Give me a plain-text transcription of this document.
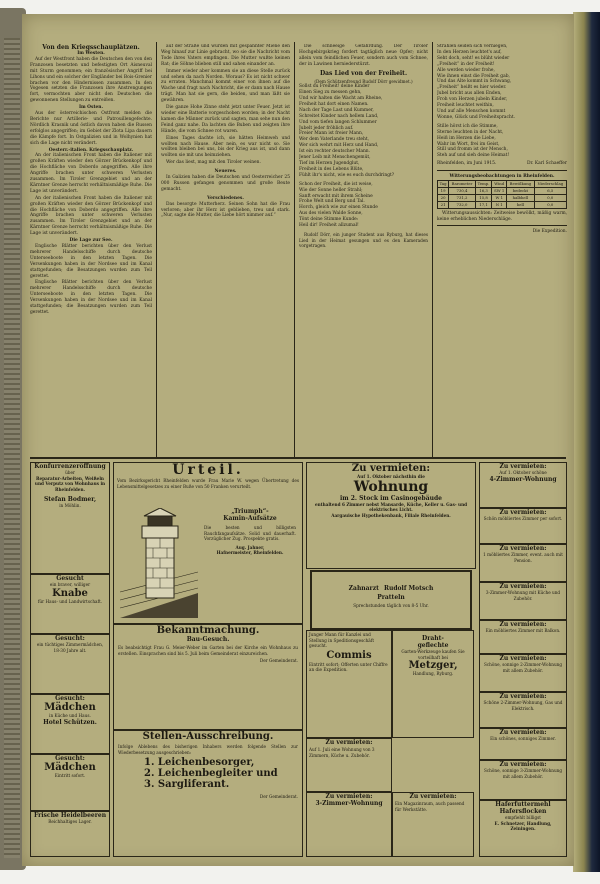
Von den Kriegsschauplätzen.
Im Westen.

Auf der Westfront haben die Deutschen den von den Franzosen besetzten und befestigten Ort Aisneuval mit Sturm genommen; ein französischer Angriff bei Lihons und ein solcher der Engländer bei Bois-Grenier brachen vor den Hindernissen zusammen. In den Vogesen setzten die Franzosen ihre Anstrengungen fort, vermochten aber nicht den Deutschen die gewonnenen Stellungen zu entreißen.

Im Osten.

Aus der österreichischen Ostfront melden die Berichte nur Artillerie- und Patrouillengefechte. Nördlich Krasnik und östlich davon haben die Russen erfolglos angegriffen; im Gebiet der Zlota Lipa dauern die Kämpfe fort. In Ostgalizien und in Wolhynien hat sich die Lage nicht verändert.

Oesterr.-italien. Kriegsschauplatz.

An der italienischen Front haben die Italiener mit großen Kräften wieder den Görzer Brückenkopf und die Hochfläche von Doberdo angegriffen. Alle ihre Angriffe brachen unter schweren Verlusten zusammen. Im Tiroler Grenzgebiet und an der Kärntner Grenze herrscht verhältnismäßige Ruhe. Die Lage ist unverändert.

An der italienischen Front haben die Italiener mit großen Kräften wieder den Görzer Brückenkopf und die Hochfläche von Doberdo angegriffen. Alle ihre Angriffe brachen unter schweren Verlusten zusammen. Im Tiroler Grenzgebiet und an der Kärntner Grenze herrscht verhältnismäßige Ruhe. Die Lage ist unverändert.

Die Lage zur See.

Englische Blätter berichten über den Verlust mehrerer Handelsschiffe durch deutsche Unterseeboote in den letzten Tagen. Die Versenkungen haben in der Nordsee und im Kanal stattgefunden; die Besatzungen wurden zum Teil gerettet.

Englische Blätter berichten über den Verlust mehrerer Handelsschiffe durch deutsche Unterseeboote in den letzten Tagen. Die Versenkungen haben in der Nordsee und im Kanal stattgefunden; die Besatzungen wurden zum Teil gerettet.

auf der Straße und wurden mit gespannter Miene den Weg hinauf zur Linie gebracht, wo sie die Nachricht vom Tode ihres Vaters empfingen. Die Mutter wußte keinen Rat; die Söhne blieben still und sahen einander an.

Immer wieder aber kommen sie an diese Stelle zurück und sehen da nach Norden. Woraus? Es ist nicht schwer zu erraten. Manchmal kommt einer von ihnen auf die Wache und fragt nach Nachricht, die er dann nach Hause trägt. Man hat sie gern, die beiden, und man läßt sie gewähren.

Die ganze Hohe Zinne steht jetzt unter Feuer. Jetzt ist wieder eine Batterie vorgeschoben worden; in der Nacht kamen die Männer zurück und sagten, man sehe nun den Feind ganz nahe. Da lachten die Buben und zeigten ihre Hände, die vom Schnee rot waren.

Eines Tages dachte ich, sie hätten Heimweh und wollten nach Hause. Aber nein, es war nicht so. Sie wollten bleiben bei uns, bis der Krieg aus ist, und dann wollten sie mit uns heimziehen.

Wer das liest, mag mit den Tiroler weinen.

Neueres.

In Galizien haben die Deutschen und Oesterreicher 25 000 Russen gefangen genommen und große Beute gemacht.

Verschiedenes.

Das besorgte Mutterherz. Seinen Sohn hat die Frau verloren; aber ihr Herz ist geblieben, treu und stark. „Nur, sagte die Mutter, die Liebe hört nimmer auf.“

Die schneeige Gefährdung. Der Tiroler Hochgebirgskrieg fordert tagtäglich neue Opfer; nicht allein vom feindlichen Feuer, sondern auch vom Schnee, der in Lawinen herniederstürzt.

Das Lied von der Freiheit.
(Dem Schützenfreund Rudolf Dörr gewidmet.)
Sollst du Freiheit! deine Kinder
Einen Sieg zu messen gehn,
Und wir halten die Wacht am Rheine,
Freiheit hat dort einen Namen.
Nach der Tage Last und Kummer,
Schreitet Kinder nach hellem Land,
Und vom tiefen langen Schlummer
Jubelt jeder fröhlich auf.
Freier Mann ist freier Mann,
Wer dem Vaterlande treu steht,
Wer sich wehrt mit Herz und Hand,
Ist ein rechter deutscher Mann.
Jener Leib mit Menschengemüt,
Tief im Herzen Jugendglut,
Freiheit in des Lebens Blüte,
Fühlt ihr's nicht, wie es euch durchdringt?
Schon der Freiheit, die ist weise,
Wie der Sonne heller Strahl;
Sanft erwacht mit ihrem Scheine
Frohe Welt und Berg und Tal.
Horch, gleich wie zur einen Stunde
Aus des vielen Walde Sonne,
Tönt deine Stimme Kunde:
Heil dir! Freiheit allzumal!

Rudolf Dörr, ein junger Student aus Ryburg, hat dieses Lied in der Heimat gesungen und es den Kameraden vorgetragen.

Strahlen seiden sich verniegen,
In den Herzen leuchtet's auf,
Seht doch, seht! es blüht wieder
„Freiheit“ in der Freiheit!
Alle werden wieder frohe,
Wie ihnen einst die Freiheit gab,
Und das Alte kommt in Schwang,
„Freiheit“ heißt es hier wieder.
Jubel bricht aus allen Enden,
Froh von Herzen jubeln Kinder,
Freiheit leuchtet weithin,
Und auf alle Menschen kommt
Wonne, Glück und Freiheitspracht.
Stille hörst ich die Stimme,
Sterne leuchten in der Nacht,
Heiß im Herzen die Liebe,
Wahr im Wort, frei im Geist,
Still und fromm ist der Mensch,
Steh auf und sieh deine Heimat!
Rheinfelden, im Juni 1915.	Dr. Karl Schaeffer
Witterungsbeobachtungen in Rheinfelden.
Tag	Barometer	Temp.	Wind	Bewölkung	Niederschlag
19	730,4	16,3	SW 1	bedeckt	6,5
20	731,2	15,8	W 1	halbhell	0,0
21	732,0	17,1	N 1	hell	0,0

Witterungsaussichten: Zeitweise bewölkt, mäßig warm, keine erheblichen Niederschläge.

Die Expedition.
Konfurrenzeröffnung
über
Reparatur-Arbeiten, Weißeln und Verputz von Wohnhaus in Rheinfelden.
Stefan Bodmer,
in Möhlin.
Gesucht
ein braver, williger
Knabe
für Haus- und Landwirtschaft.
Gesucht:
ein tüchtiges Zimmermädchen, 18-30 Jahre alt.
Gesucht:
Mädchen
in Küche und Haus.
Hotel Schützen.
Gesucht:
Mädchen
Eintritt sofort.
Frische Heidelbeeren
Reichhaltiges Lager.
Urteil.

Vom Bezirksgericht Rheinfelden wurde Frau Marie W. wegen Übertretung des Lebensmittelgesetzes zu einer Buße von 50 Franken verurteilt.

„Triumph“-
Kamin-Aufsätze

Die besten und billigsten Rauchfangaufsätze. Solid und dauerhaft. Vorzüglicher Zug. Prospekte gratis.

Aug. Jahner,
Hafnermeister, Rheinfelden.
Bekanntmachung.
Bau-Gesuch.

Es beabsichtigt Frau G. Meier-Weber im Garten bei der Kirche ein Wohnhaus zu erstellen. Einsprachen sind bis 5. Juli beim Gemeinderat einzureichen.

Der Gemeinderat.
Stellen-Ausschreibung.

Infolge Ablebens des bisherigen Inhabers werden folgende Stellen zur Wiederbesetzung ausgeschrieben:

1. Leichenbesorger,
2. Leichenbegleiter und
3. Sargliferant.
Der Gemeinderat.
Zu vermieten:
Auf 1. Oktober nächsthin die
Wohnung
im 2. Stock im Casinogebäude
enthaltend 6 Zimmer nebst Mansarde, Küche, Keller u. Gas- und elektrisches Licht.
Aargauische Hypothekenbank, Filiale Rheinfelden.
Zahnarzt Rudolf Motsch
Pratteln
Sprechstunden täglich von 8-5 Uhr.

Junger Mann für Kanzlei und Stellung in Speditionsgeschäft gesucht.

Commis

Eintritt sofort; Offerten unter Chiffre an die Expedition.

Draht-
geflechte
Garten-Werkzeuge kaufen Sie vorteilhaft bei
Metzger,
Handlung, Ryburg.
Zu vermieten:

Auf 1. Juli eine Wohnung von 3 Zimmern, Küche u. Zubehör.

Zu vermieten:
3-Zimmer-Wohnung
Zu vermieten:

Ein Magazinraum, auch passend für Werkstätte.

Zu vermieten:
Auf 1. Oktober schöne
4-Zimmer-Wohnung
Zu vermieten:
Schön möbliertes Zimmer per sofort.
Zu vermieten:
1 möbliertes Zimmer, event. auch mit Pension.
Zu vermieten:
3-Zimmer-Wohnung mit Küche und Zubehör.
Zu vermieten:
Ein möbliertes Zimmer mit Balkon.
Zu vermieten:
Schöne, sonnige 2-Zimmer-Wohnung mit allem Zubehör.
Zu vermieten:
Schöne 2-Zimmer-Wohnung, Gas und Elektrisch.
Zu vermieten:
Ein schönes, sonniges Zimmer.
Zu vermieten:
Schöne, sonnige 3-Zimmer-Wohnung mit allem Zubehör.
Haferfuttermehl
Hafersflocken
empfiehlt billigst
E. Schnetzer, Handlung,
Zeiningen.
